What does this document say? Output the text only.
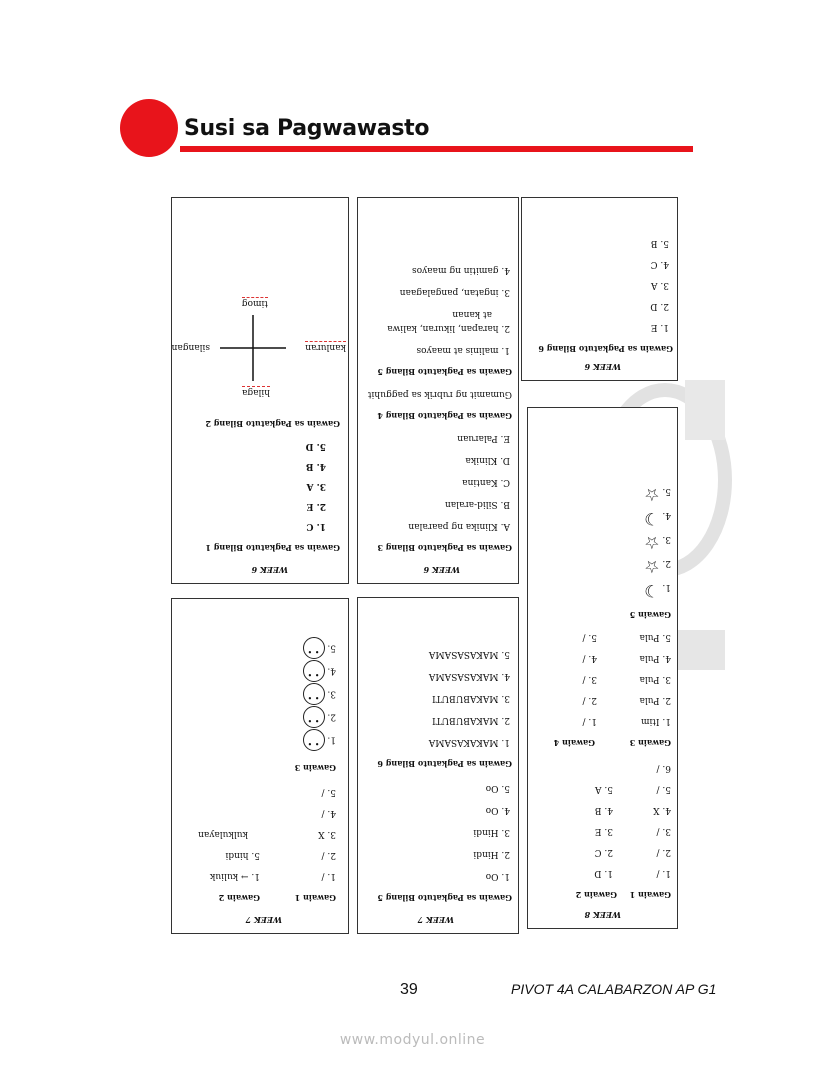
Susi sa Pagwawasto

WEEK 6

Gawain sa Pagkatuto Bilang 1

1. C

2. E

3. A

4. B

5. D

Gawain sa Pagkatuto Bilang 2

hilaga

kanluran

silangan

timog

WEEK 7

Gawain 1

Gawain 2

1. /

2. /

3. X

4. /

5. /

1. → kuliuk

5. hindi

kulkulayan

Gawain 3

1. • •

2. • •

3. • •

4. • •

5. • •

WEEK 6

Gawain sa Pagkatuto Bilang 3

A. Klinika ng paaralan

B. Silid-aralan

C. Kantina

D. Klinika

E. Palaruan

Gawain sa Pagkatuto Bilang 4

Gumamit ng rubrik sa pagguhit

Gawain sa Pagkatuto Bilang 5

1. malinis at maayos

2. harapan, likuran, kaliwa

at kanan

3. ingatan, pangalagaan

4. gamitin ng maayos

WEEK 7

Gawain sa Pagkatuto Bilang 5

1. Oo

2. Hindi

3. Hindi

4. Oo

5. Oo

Gawain sa Pagkatuto Bilang 6

1. MAKAKASAMA

2. MAKABUBUTI

3. MAKABUBUTI

4. MAKASASAMA

5. MAKASASAMA

WEEK 6

Gawain sa Pagkatuto Bilang 6

1. E

2. D

3. A

4. C

5. B

WEEK 8

Gawain 1

Gawain 2

1. /

2. /

3. /

4. X

5. /

6. /

1. D

2. C

3. E

4. B

5. A

Gawain 3

Gawain 4

1. Itim

2. Pula

3. Pula

4. Pula

5. Pula

1. /

2. /

3. /

4. /

5. /

Gawain 5

1. ☽

2. ☆

3. ☆

4. ☽

5. ☆

39	PIVOT 4A CALABARZON AP G1
www.modyul.online
